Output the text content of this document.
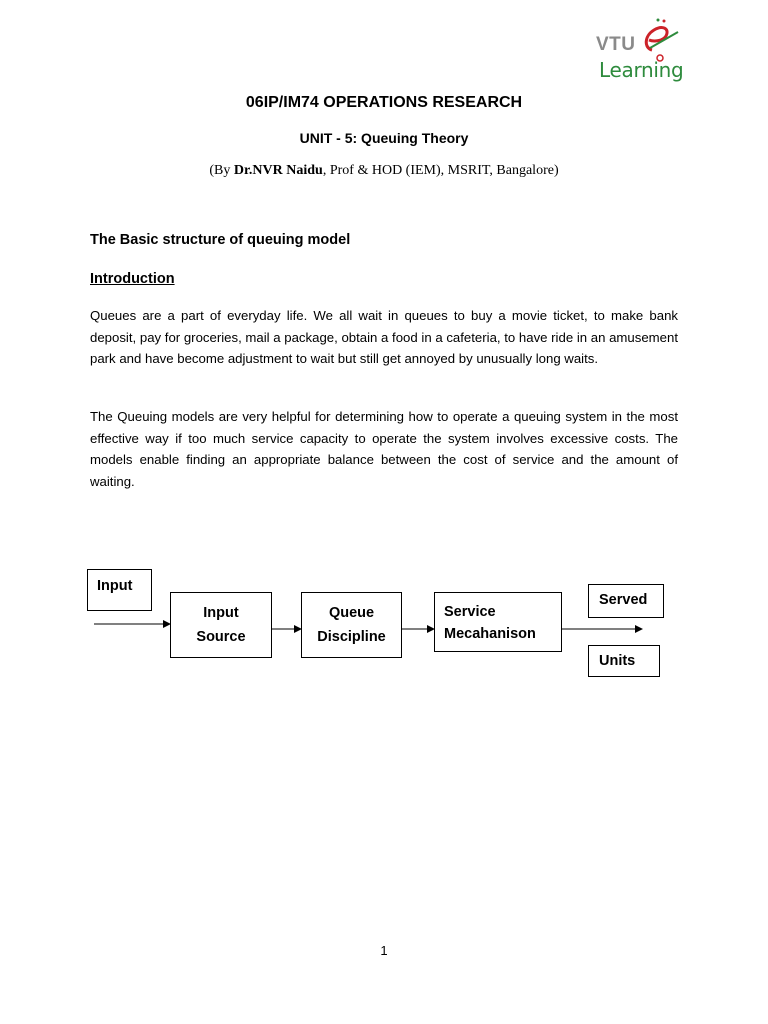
VTU
Learning
06IP/IM74 OPERATIONS RESEARCH
UNIT - 5: Queuing Theory
(By Dr.NVR Naidu, Prof & HOD (IEM), MSRIT, Bangalore)
The Basic structure of queuing model
Introduction

Queues are a part of everyday life. We all wait in queues to buy a movie ticket, to make bank deposit, pay for groceries, mail a package, obtain a food in a cafeteria, to have ride in an amusement park and have become adjustment to wait but still get annoyed by unusually long waits.

The Queuing models are very helpful for determining how to operate a queuing system in the most effective way if too much service capacity to operate the system involves excessive costs. The models enable finding an appropriate balance between the cost of service and the amount of waiting.

Input
Input
Source
Queue
Discipline
Service
Mecahanison
Served
Units
1
